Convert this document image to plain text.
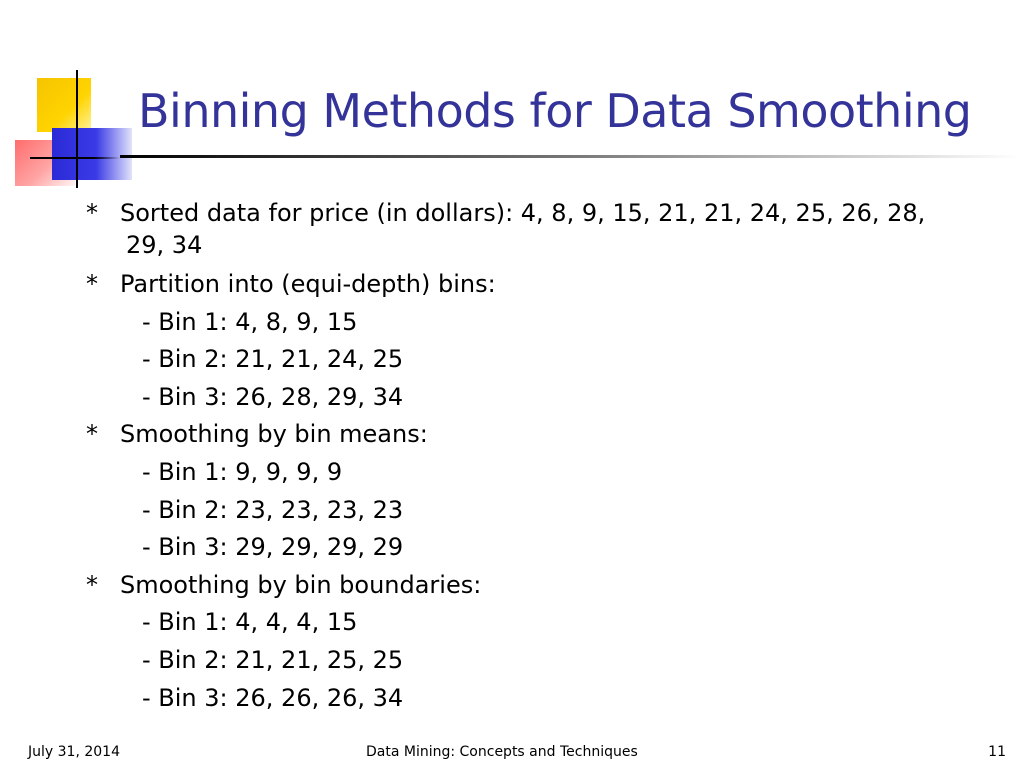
Binning Methods for Data Smoothing
* Sorted data for price (in dollars): 4, 8, 9, 15, 21, 21, 24, 25, 26, 28,
29, 34
* Partition into (equi-depth) bins:
- Bin 1: 4, 8, 9, 15
- Bin 2: 21, 21, 24, 25
- Bin 3: 26, 28, 29, 34
* Smoothing by bin means:
- Bin 1: 9, 9, 9, 9
- Bin 2: 23, 23, 23, 23
- Bin 3: 29, 29, 29, 29
* Smoothing by bin boundaries:
- Bin 1: 4, 4, 4, 15
- Bin 2: 21, 21, 25, 25
- Bin 3: 26, 26, 26, 34
July 31, 2014	Data Mining: Concepts and Techniques	11
